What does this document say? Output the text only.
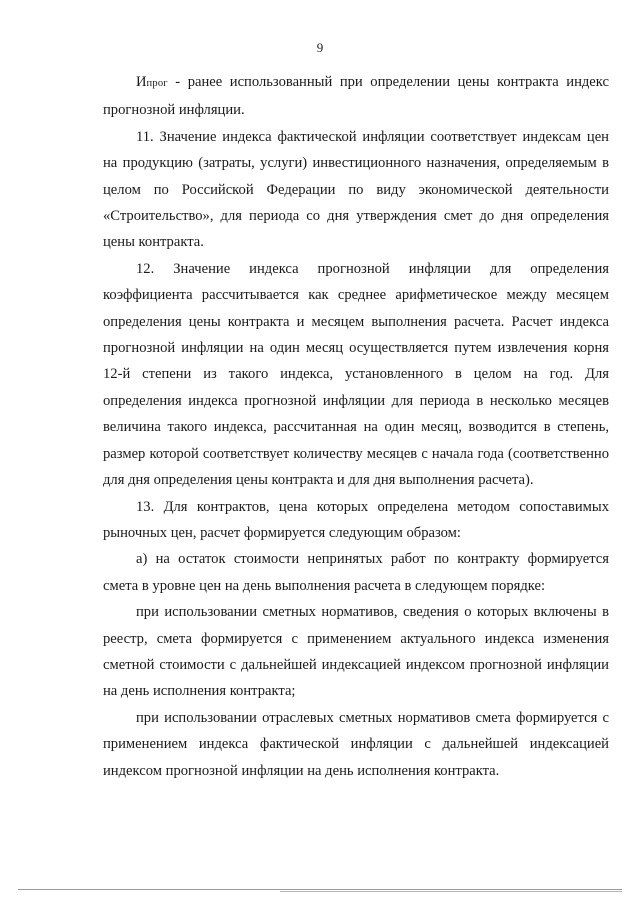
9

Ипрог - ранее использованный при определении цены контракта индекс прогнозной инфляции.

11. Значение индекса фактической инфляции соответствует индексам цен на продукцию (затраты, услуги) инвестиционного назначения, определяемым в целом по Российской Федерации по виду экономической деятельности «Строительство», для периода со дня утверждения смет до дня определения цены контракта.

12. Значение индекса прогнозной инфляции для определения коэффициента рассчитывается как среднее арифметическое между месяцем определения цены контракта и месяцем выполнения расчета. Расчет индекса прогнозной инфляции на один месяц осуществляется путем извлечения корня 12-й степени из такого индекса, установленного в целом на год. Для определения индекса прогнозной инфляции для периода в несколько месяцев величина такого индекса, рассчитанная на один месяц, возводится в степень, размер которой соответствует количеству месяцев с начала года (соответственно для дня определения цены контракта и для дня выполнения расчета).

13. Для контрактов, цена которых определена методом сопоставимых рыночных цен, расчет формируется следующим образом:

а) на остаток стоимости непринятых работ по контракту формируется смета в уровне цен на день выполнения расчета в следующем порядке:

при использовании сметных нормативов, сведения о которых включены в реестр, смета формируется с применением актуального индекса изменения сметной стоимости с дальнейшей индексацией индексом прогнозной инфляции на день исполнения контракта;

при использовании отраслевых сметных нормативов смета формируется с применением индекса фактической инфляции с дальнейшей индексацией индексом прогнозной инфляции на день исполнения контракта.
